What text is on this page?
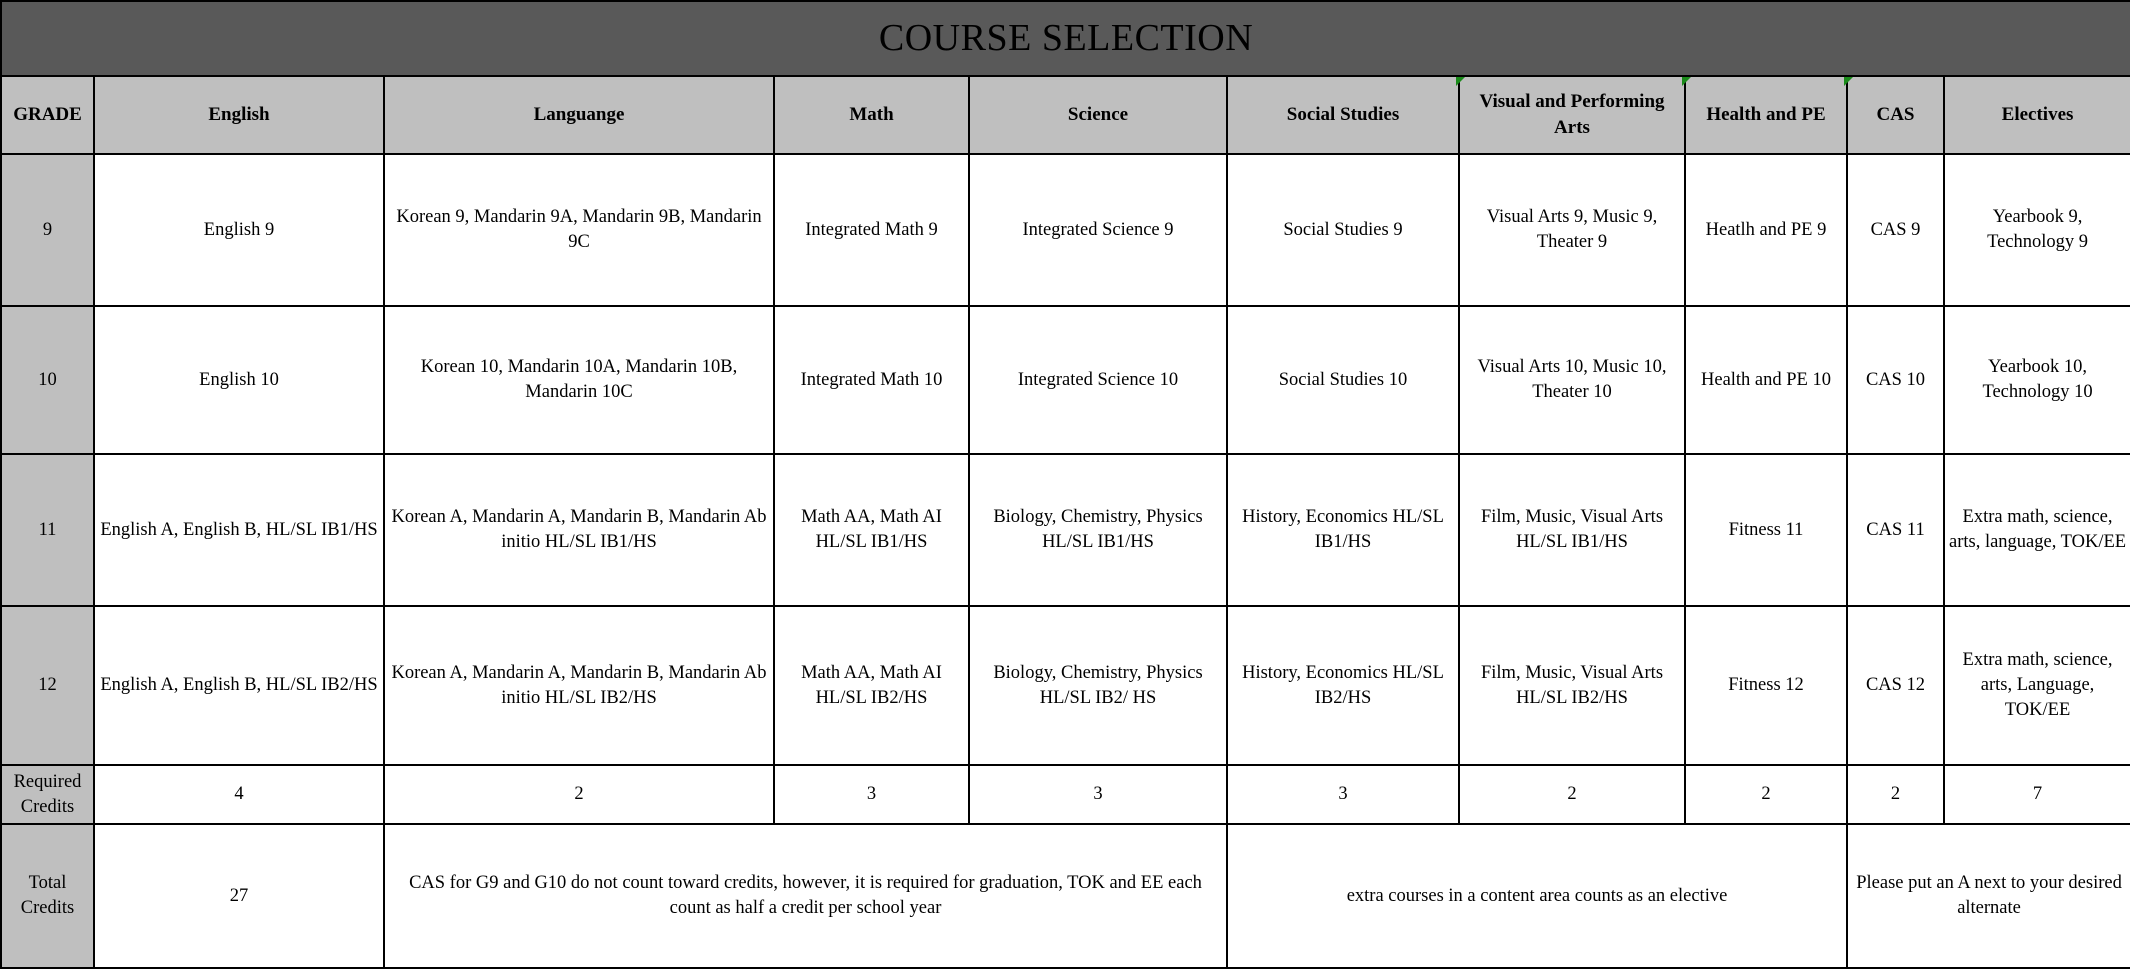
COURSE SELECTION									
GRADE	English	Languange	Math	Science	Social Studies	Visual and Performing Arts	Health and PE	CAS	Electives
9	English 9	Korean 9, Mandarin 9A, Mandarin 9B, Mandarin 9C	Integrated Math 9	Integrated Science 9	Social Studies 9	Visual Arts 9, Music 9, Theater 9	Heatlh and PE 9	CAS 9	Yearbook 9, Technology 9
10	English 10	Korean 10, Mandarin 10A, Mandarin 10B, Mandarin 10C	Integrated Math 10	Integrated Science 10	Social Studies 10	Visual Arts 10, Music 10, Theater 10	Health and PE 10	CAS 10	Yearbook 10, Technology 10
11	English A, English B, HL/SL IB1/HS	Korean A, Mandarin A, Mandarin B, Mandarin Ab initio HL/SL IB1/HS	Math AA, Math AI HL/SL IB1/HS	Biology, Chemistry, Physics HL/SL IB1/HS	History, Economics HL/SL IB1/HS	Film, Music, Visual Arts HL/SL IB1/HS	Fitness 11	CAS 11	Extra math, science, arts, language, TOK/EE
12	English A, English B, HL/SL IB2/HS	Korean A, Mandarin A, Mandarin B, Mandarin Ab initio HL/SL IB2/HS	Math AA, Math AI HL/SL IB2/HS	Biology, Chemistry, Physics HL/SL IB2/ HS	History, Economics HL/SL IB2/HS	Film, Music, Visual Arts HL/SL IB2/HS	Fitness 12	CAS 12	Extra math, science, arts, Language, TOK/EE
Required Credits	4	2	3	3	3	2	2	2	7
Total Credits	27	CAS for G9 and G10 do not count toward credits, however, it is required for graduation, TOK and EE each count as half a credit per school year			extra courses in a content area counts as an elective			Please put an A next to your desired alternate	
